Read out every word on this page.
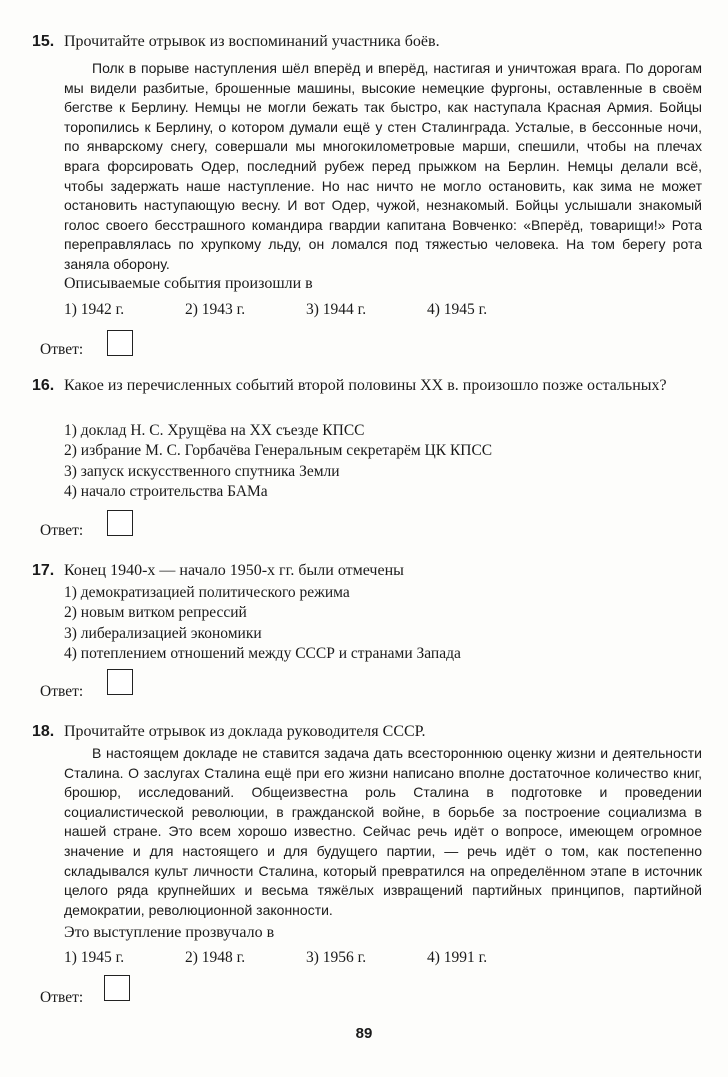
15. Прочитайте отрывок из воспоминаний участника боёв.
Полк в порыве наступления шёл вперёд и вперёд, настигая и уничтожая врага. По дорогам мы видели разбитые, брошенные машины, высокие немецкие фургоны, оставленные в своём бегстве к Берлину. Немцы не могли бежать так быстро, как наступала Красная Армия. Бойцы торопились к Берлину, о котором думали ещё у стен Сталинграда. Усталые, в бессонные ночи, по январскому снегу, совершали мы многокилометровые марши, спешили, чтобы на плечах врага форсировать Одер, последний рубеж перед прыжком на Берлин. Немцы делали всё, чтобы задержать наше наступление. Но нас ничто не могло остановить, как зима не может остановить наступающую весну. И вот Одер, чужой, незнакомый. Бойцы услышали знакомый голос своего бесстрашного командира гвардии капитана Вовченко: «Вперёд, товарищи!» Рота переправлялась по хрупкому льду, он ломался под тяжестью человека. На том берегу рота заняла оборону.
Описываемые события произошли в
1) 1942 г.	2) 1943 г.	3) 1944 г.	4) 1945 г.
Ответ:
16. Какое из перечисленных событий второй половины XX в. произошло позже остальных?
1) доклад Н. С. Хрущёва на XX съезде КПСС
2) избрание М. С. Горбачёва Генеральным секретарём ЦК КПСС
3) запуск искусственного спутника Земли
4) начало строительства БАМа
Ответ:
17. Конец 1940-х — начало 1950-х гг. были отмечены
1) демократизацией политического режима
2) новым витком репрессий
3) либерализацией экономики
4) потеплением отношений между СССР и странами Запада
Ответ:
18. Прочитайте отрывок из доклада руководителя СССР.
В настоящем докладе не ставится задача дать всестороннюю оценку жизни и деятельности Сталина. О заслугах Сталина ещё при его жизни написано вполне достаточное количество книг, брошюр, исследований. Общеизвестна роль Сталина в подготовке и проведении социалистической революции, в гражданской войне, в борьбе за построение социализма в нашей стране. Это всем хорошо известно. Сейчас речь идёт о вопросе, имеющем огромное значение и для настоящего и для будущего партии, — речь идёт о том, как постепенно складывался культ личности Сталина, который превратился на определённом этапе в источник целого ряда крупнейших и весьма тяжёлых извращений партийных принципов, партийной демократии, революционной законности.
Это выступление прозвучало в
1) 1945 г.	2) 1948 г.	3) 1956 г.	4) 1991 г.
Ответ:
89
